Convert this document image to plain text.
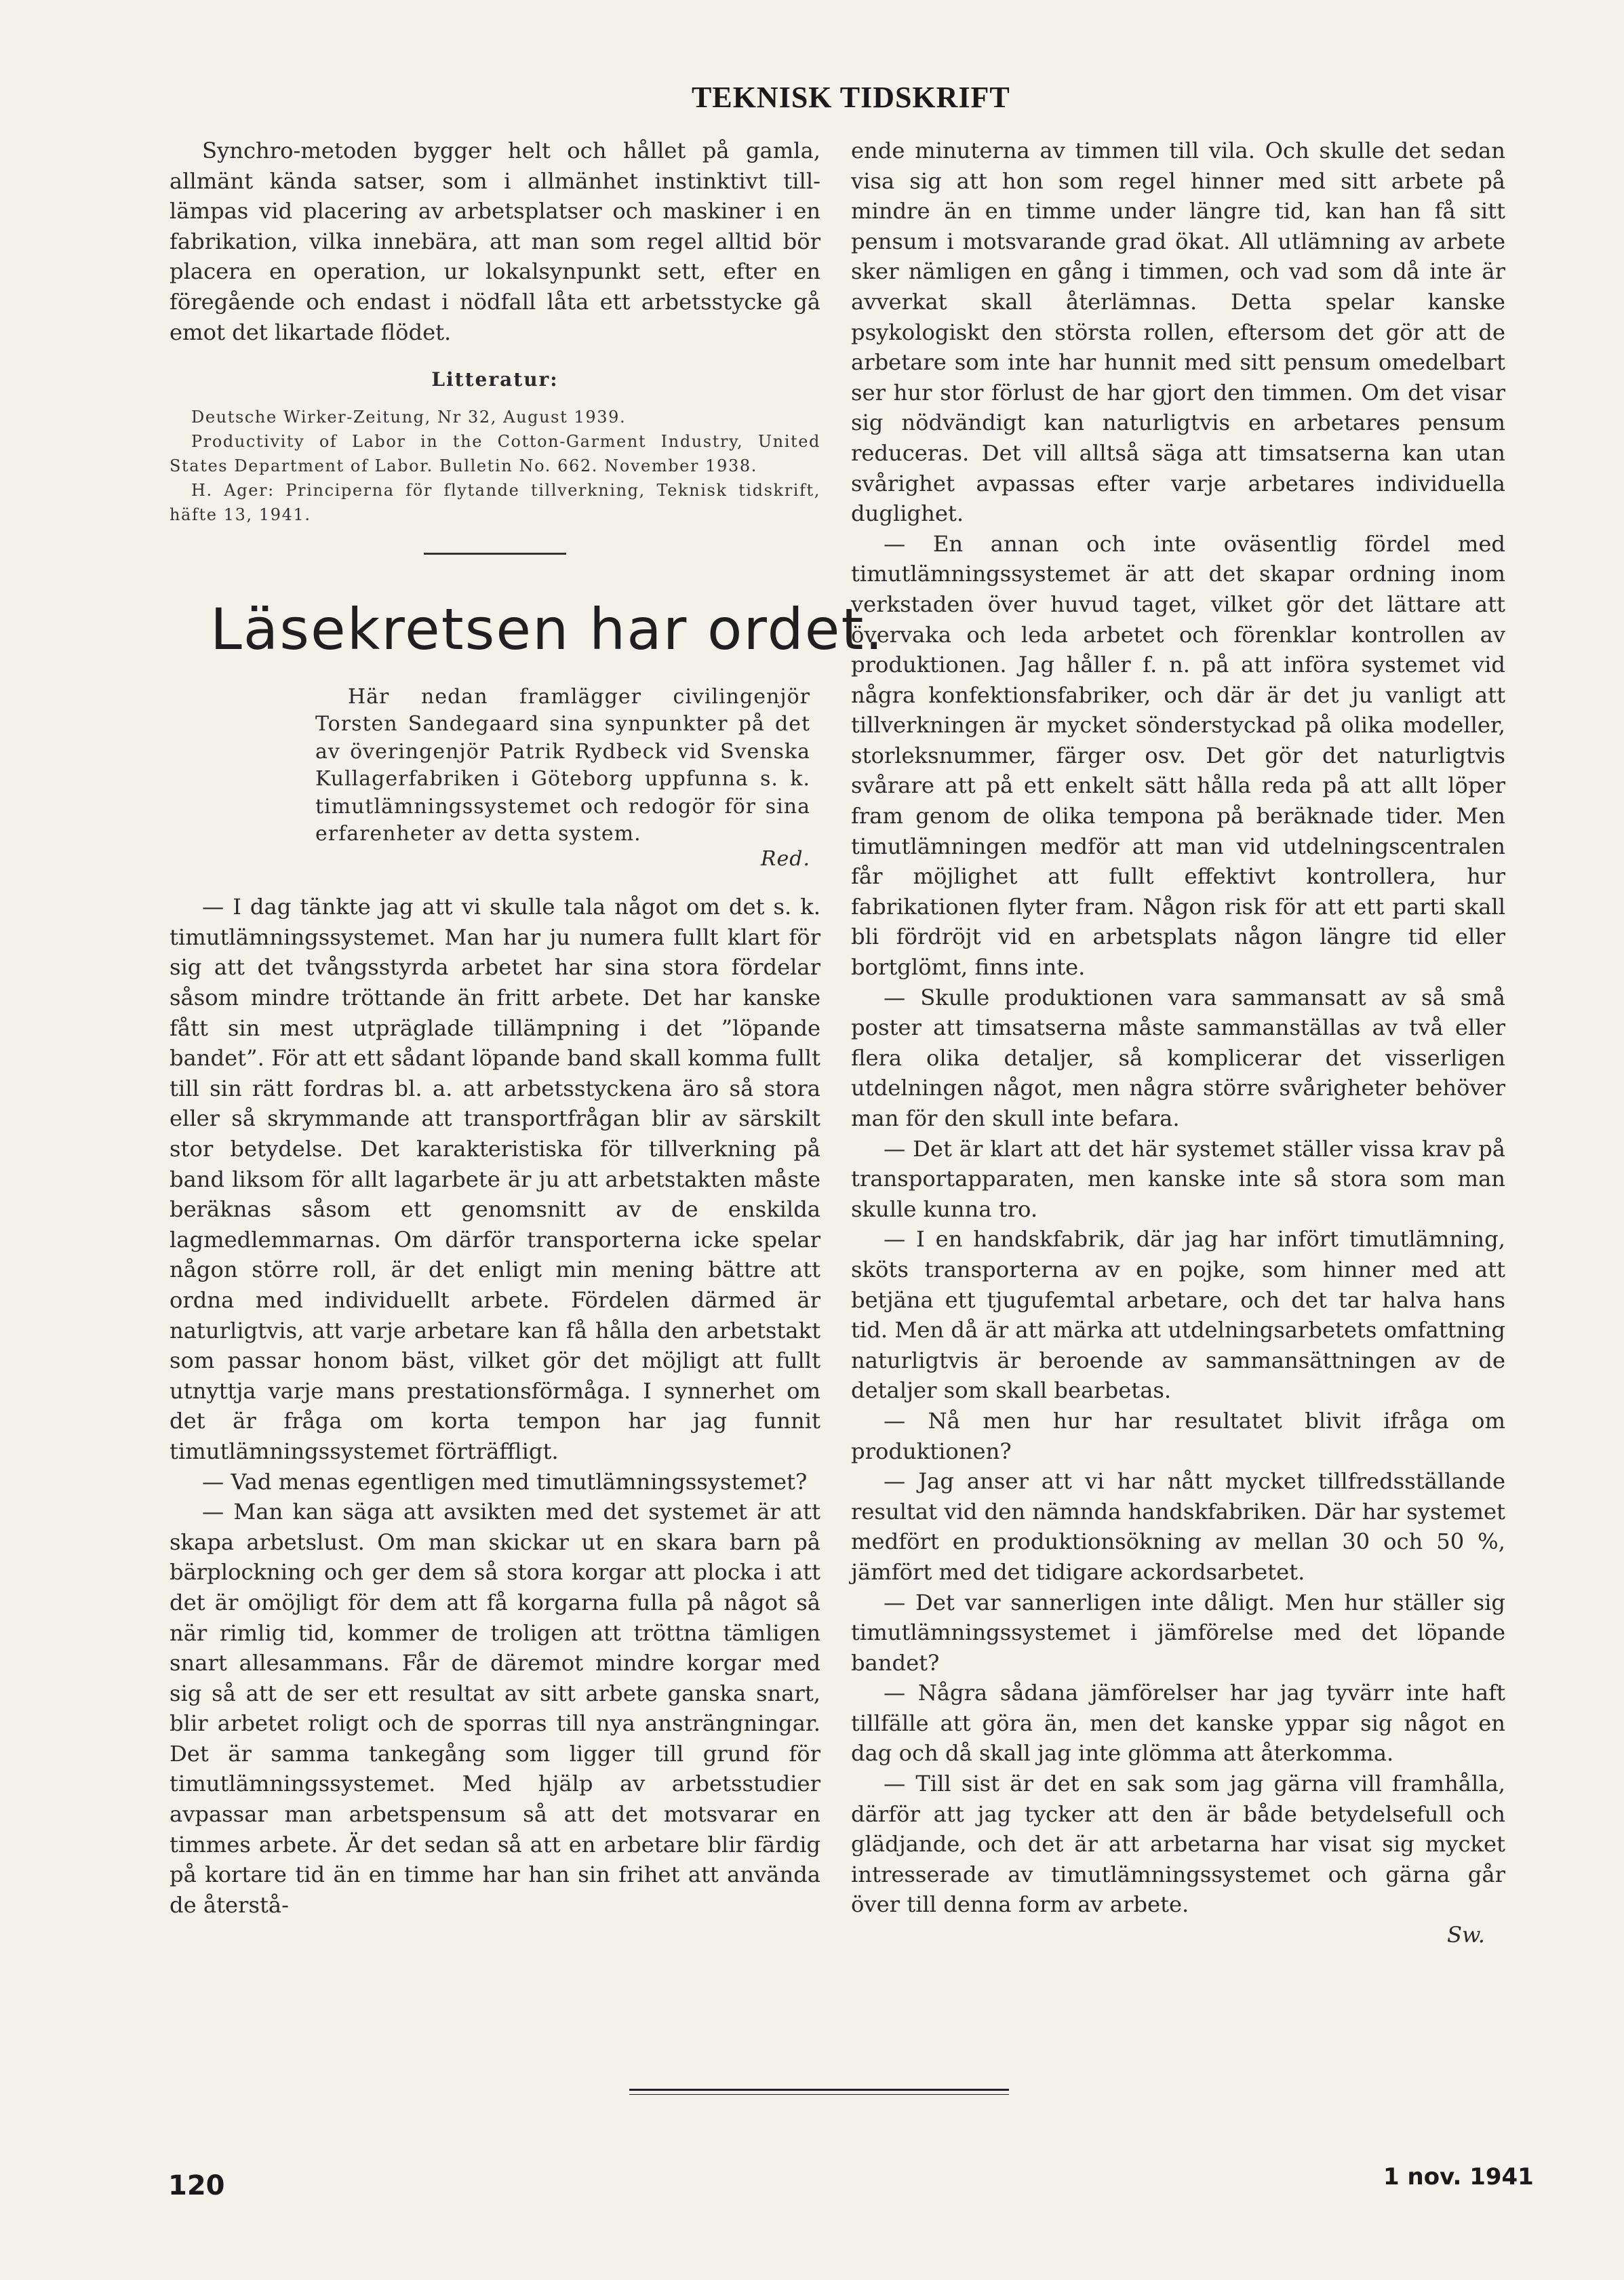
TEKNISK TIDSKRIFT

Synchro-metoden bygger helt och hållet på gamla, allmänt kända satser, som i allmänhet instinktivt till-lämpas vid placering av arbetsplatser och maskiner i en fabrikation, vilka innebära, att man som regel alltid bör placera en operation, ur lokalsynpunkt sett, efter en föregående och endast i nödfall låta ett arbetsstycke gå emot det likartade flödet.

Litteratur:
Deutsche Wirker-Zeitung, Nr 32, August 1939.
Productivity of Labor in the Cotton-Garment Industry, United States Department of Labor. Bulletin No. 662. November 1938.
H. Ager: Principerna för flytande tillverkning, Teknisk tidskrift, häfte 13, 1941.
Läsekretsen har ordet.

Här nedan framlägger civilingenjör Torsten Sandegaard sina synpunkter på det av överingenjör Patrik Rydbeck vid Svenska Kullagerfabriken i Göteborg uppfunna s. k. timutlämningssystemet och redogör för sina erfarenheter av detta system.

Red.

— I dag tänkte jag att vi skulle tala något om det s. k. timutlämningssystemet. Man har ju numera fullt klart för sig att det tvångsstyrda arbetet har sina stora fördelar såsom mindre tröttande än fritt arbete. Det har kanske fått sin mest utpräglade tillämpning i det ”löpande bandet”. För att ett sådant löpande band skall komma fullt till sin rätt fordras bl. a. att arbetsstyckena äro så stora eller så skrymmande att transportfrågan blir av särskilt stor betydelse. Det karakteristiska för tillverkning på band liksom för allt lagarbete är ju att arbetstakten måste beräknas såsom ett genomsnitt av de enskilda lagmedlemmarnas. Om därför transporterna icke spelar någon större roll, är det enligt min mening bättre att ordna med individuellt arbete. Fördelen därmed är naturligtvis, att varje arbetare kan få hålla den arbetstakt som passar honom bäst, vilket gör det möjligt att fullt utnyttja varje mans prestationsförmåga. I synnerhet om det är fråga om korta tempon har jag funnit timutlämningssystemet förträffligt.

— Vad menas egentligen med timutlämningssystemet?

— Man kan säga att avsikten med det systemet är att skapa arbetslust. Om man skickar ut en skara barn på bärplockning och ger dem så stora korgar att plocka i att det är omöjligt för dem att få korgarna fulla på något så när rimlig tid, kommer de troligen att tröttna tämligen snart allesammans. Får de däremot mindre korgar med sig så att de ser ett resultat av sitt arbete ganska snart, blir arbetet roligt och de sporras till nya ansträngningar. Det är samma tankegång som ligger till grund för timutlämningssystemet. Med hjälp av arbetsstudier avpassar man arbetspensum så att det motsvarar en timmes arbete. Är det sedan så att en arbetare blir färdig på kortare tid än en timme har han sin frihet att använda de återstå-

ende minuterna av timmen till vila. Och skulle det sedan visa sig att hon som regel hinner med sitt arbete på mindre än en timme under längre tid, kan han få sitt pensum i motsvarande grad ökat. All utlämning av arbete sker nämligen en gång i timmen, och vad som då inte är avverkat skall återlämnas. Detta spelar kanske psykologiskt den största rollen, eftersom det gör att de arbetare som inte har hunnit med sitt pensum omedelbart ser hur stor förlust de har gjort den timmen. Om det visar sig nödvändigt kan naturligtvis en arbetares pensum reduceras. Det vill alltså säga att timsatserna kan utan svårighet avpassas efter varje arbetares individuella duglighet.

— En annan och inte oväsentlig fördel med timutlämningssystemet är att det skapar ordning inom verkstaden över huvud taget, vilket gör det lättare att övervaka och leda arbetet och förenklar kontrollen av produktionen. Jag håller f. n. på att införa systemet vid några konfektionsfabriker, och där är det ju vanligt att tillverkningen är mycket sönderstyckad på olika modeller, storleksnummer, färger osv. Det gör det naturligtvis svårare att på ett enkelt sätt hålla reda på att allt löper fram genom de olika tempona på beräknade tider. Men timutlämningen medför att man vid utdelningscentralen får möjlighet att fullt effektivt kontrollera, hur fabrikationen flyter fram. Någon risk för att ett parti skall bli fördröjt vid en arbetsplats någon längre tid eller bortglömt, finns inte.

— Skulle produktionen vara sammansatt av så små poster att timsatserna måste sammanställas av två eller flera olika detaljer, så komplicerar det visserligen utdelningen något, men några större svårigheter behöver man för den skull inte befara.

— Det är klart att det här systemet ställer vissa krav på transportapparaten, men kanske inte så stora som man skulle kunna tro.

— I en handskfabrik, där jag har infört timutlämning, sköts transporterna av en pojke, som hinner med att betjäna ett tjugufemtal arbetare, och det tar halva hans tid. Men då är att märka att utdelningsarbetets omfattning naturligtvis är beroende av sammansättningen av de detaljer som skall bearbetas.

— Nå men hur har resultatet blivit ifråga om produktionen?

— Jag anser att vi har nått mycket tillfredsställande resultat vid den nämnda handskfabriken. Där har systemet medfört en produktionsökning av mellan 30 och 50 %, jämfört med det tidigare ackordsarbetet.

— Det var sannerligen inte dåligt. Men hur ställer sig timutlämningssystemet i jämförelse med det löpande bandet?

— Några sådana jämförelser har jag tyvärr inte haft tillfälle att göra än, men det kanske yppar sig något en dag och då skall jag inte glömma att återkomma.

— Till sist är det en sak som jag gärna vill framhålla, därför att jag tycker att den är både betydelsefull och glädjande, och det är att arbetarna har visat sig mycket intresserade av timutlämningssystemet och gärna går över till denna form av arbete.

Sw.
120	1 nov. 1941
